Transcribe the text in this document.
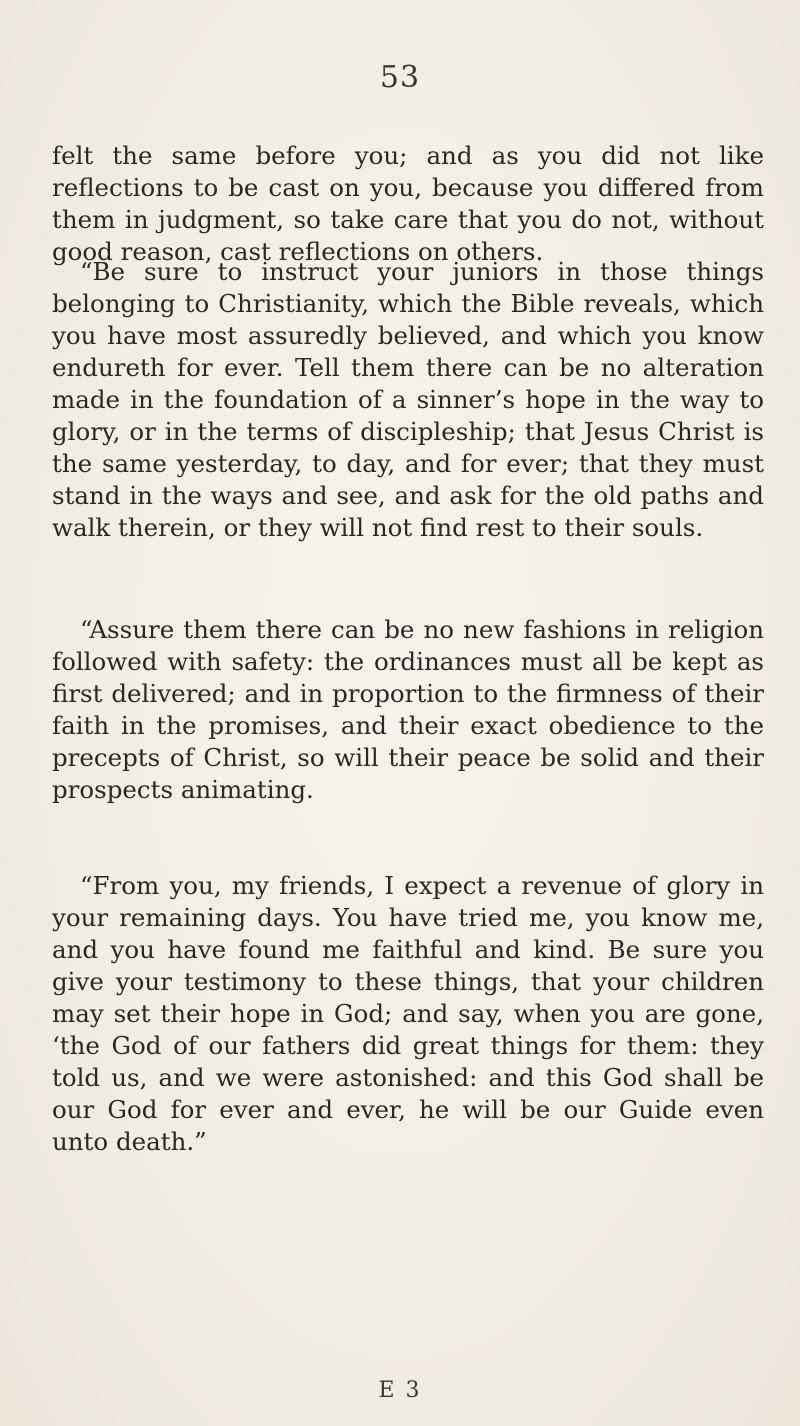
53
felt the same before you; and as you did not like reflections to be cast on you, because you differed from them in judgment, so take care that you do not, without good reason, cast reflections on others.
“Be sure to instruct your juniors in those things belonging to Christianity, which the Bible reveals, which you have most assuredly believed, and which you know endureth for ever. Tell them there can be no alteration made in the foundation of a sinner’s hope in the way to glory, or in the terms of discipleship; that Jesus Christ is the same yesterday, to day, and for ever; that they must stand in the ways and see, and ask for the old paths and walk therein, or they will not find rest to their souls.
“Assure them there can be no new fashions in religion followed with safety: the ordinances must all be kept as first delivered; and in proportion to the firmness of their faith in the promises, and their exact obedience to the precepts of Christ, so will their peace be solid and their prospects animating.
“From you, my friends, I expect a revenue of glory in your remaining days. You have tried me, you know me, and you have found me faithful and kind. Be sure you give your testimony to these things, that your children may set their hope in God; and say, when you are gone, ‘the God of our fathers did great things for them: they told us, and we were astonished: and this God shall be our God for ever and ever, he will be our Guide even unto death.”
E 3
